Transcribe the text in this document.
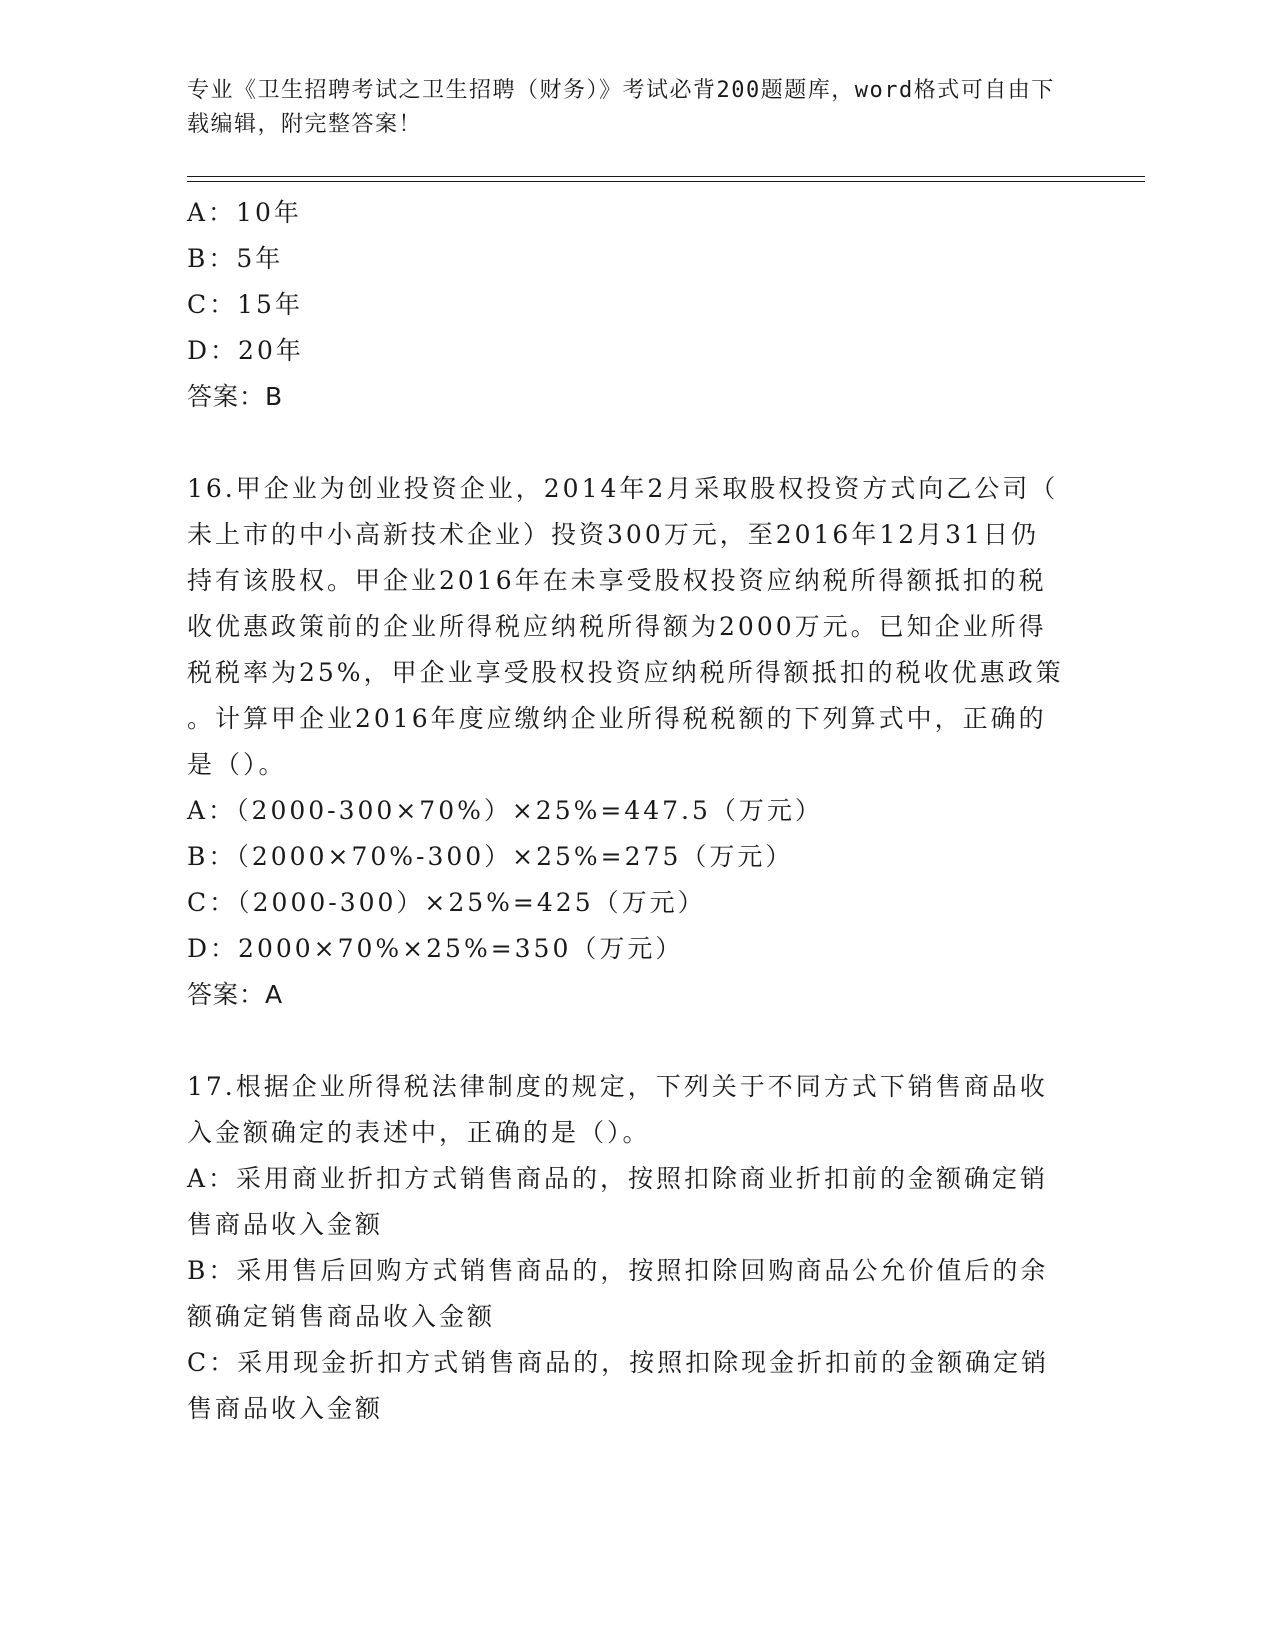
专业《卫生招聘考试之卫生招聘（财务）》考试必背200题题库，word格式可自由下载编辑，附完整答案！
A：10年
B：5年
C：15年
D：20年
答案：B
16.甲企业为创业投资企业，2014年2月采取股权投资方式向乙公司（
未上市的中小高新技术企业）投资300万元，至2016年12月31日仍
持有该股权。甲企业2016年在未享受股权投资应纳税所得额抵扣的税
收优惠政策前的企业所得税应纳税所得额为2000万元。已知企业所得
税税率为25%，甲企业享受股权投资应纳税所得额抵扣的税收优惠政策
。计算甲企业2016年度应缴纳企业所得税税额的下列算式中，正确的
是（）。
A：（2000-300×70%）×25%=447.5（万元）
B：（2000×70%-300）×25%=275（万元）
C：（2000-300）×25%=425（万元）
D：2000×70%×25%=350（万元）
答案：A
17.根据企业所得税法律制度的规定，下列关于不同方式下销售商品收
入金额确定的表述中，正确的是（）。
A：采用商业折扣方式销售商品的，按照扣除商业折扣前的金额确定销
售商品收入金额
B：采用售后回购方式销售商品的，按照扣除回购商品公允价值后的余
额确定销售商品收入金额
C：采用现金折扣方式销售商品的，按照扣除现金折扣前的金额确定销
售商品收入金额
